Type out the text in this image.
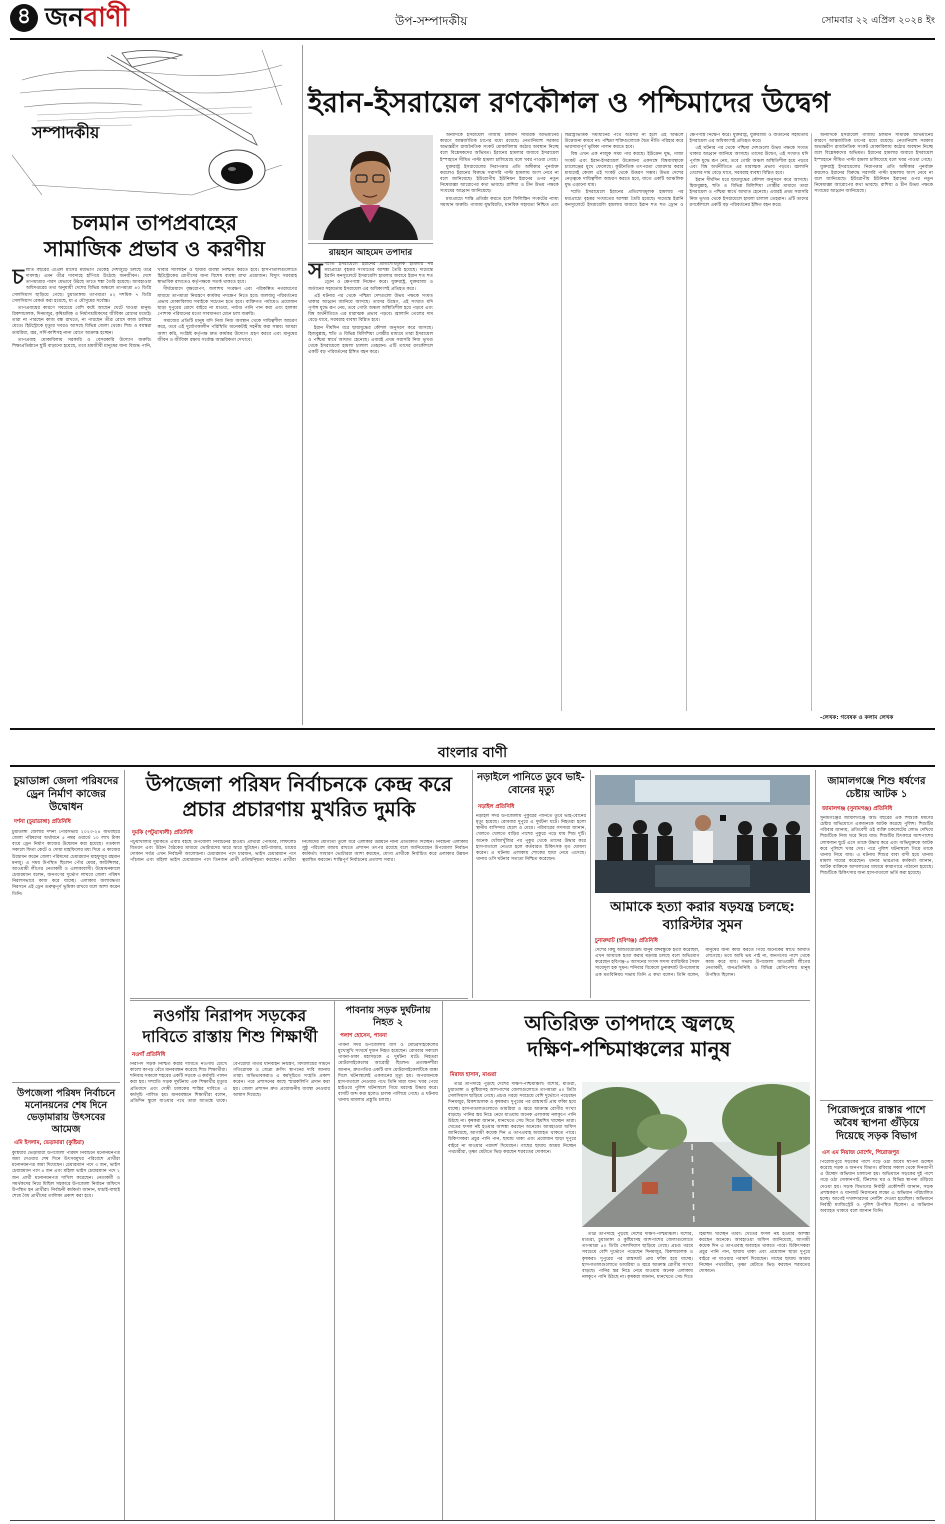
৪ জনবাণী	উপ-সম্পাদকীয়	সোমবার ২২ এপ্রিল ২০২৪ ইং
সম্পাদকীয়
চলমান তাপপ্রবাহের
সামাজিক প্রভাব ও করণীয়

চলতি বছরের এপ্রিল মাসের মধ্যভাগ থেকেই দেশজুড়ে চলছে তীব্র দাবদাহ। এমন তীব্র দাবদাহে হাঁপিয়ে উঠেছে জনজীবন। দেশে তাপমাত্রার পারদ যেভাবে উঠছে তাতে শঙ্কা তৈরি হয়েছে। আবহাওয়া অধিদপ্তরের তথ্য অনুযায়ী দেশের বিভিন্ন অঞ্চলে তাপমাত্রা ৪০ ডিগ্রি সেলসিয়াস ছাড়িয়ে গেছে। চুয়াডাঙ্গায় তাপমাত্রা ৪২ দশমিক ৭ ডিগ্রি সেলসিয়াস রেকর্ড করা হয়েছে, যা এ মৌসুমের সর্বোচ্চ।

তাপপ্রবাহের কারণে সবচেয়ে বেশি কষ্টে আছেন খেটে খাওয়া মানুষ। রিকশাচালক, দিনমজুর, কৃষিশ্রমিক ও নির্মাণশ্রমিকদের জীবিকা রোদের মধ্যেই। তারা না পারছেন কাজ বন্ধ রাখতে, না পারছেন তীব্র রোদে কাজ চালিয়ে যেতে। হিটস্ট্রোকে মৃত্যুর খবরও আসছে বিভিন্ন জেলা থেকে। শিশু ও বয়স্করা ডায়রিয়া, জ্বর, সর্দি-কাশিসহ নানা রোগে আক্রান্ত হচ্ছেন।

তাপপ্রবাহ মোকাবিলায় সরকারি ও বেসরকারি উদ্যোগ জরুরি। শিক্ষাপ্রতিষ্ঠানে ছুটি বাড়ানো হয়েছে, তবে শ্রমজীবী মানুষের জন্য বিশুদ্ধ পানি, খাবার স্যালাইন ও ছায়ার ব্যবস্থা নিশ্চিত করতে হবে। হাসপাতালগুলোতে হিটস্ট্রোকের রোগীদের জন্য বিশেষ ব্যবস্থা রাখা প্রয়োজন। বিদ্যুৎ সরবরাহ স্বাভাবিক রাখতেও কর্তৃপক্ষকে সতর্ক থাকতে হবে।

দীর্ঘমেয়াদে বৃক্ষরোপণ, জলাশয় সংরক্ষণ এবং পরিকল্পিত নগরায়ণের মাধ্যমে তাপমাত্রা নিয়ন্ত্রণে কার্যকর পদক্ষেপ নিতে হবে। জলবায়ু পরিবর্তনের প্রভাব মোকাবিলায় সবাইকে সচেতন হতে হবে। ব্যক্তিগত পর্যায়েও প্রয়োজন ছাড়া দুপুরের রোদে বাইরে না যাওয়া, পর্যাপ্ত পানি পান করা এবং হালকা পোশাক পরিধানের মতো সাবধানতা মেনে চলা জরুরি।

সমাজের প্রতিটি মানুষ যদি নিজ নিজ অবস্থান থেকে দায়িত্বশীল আচরণ করে, তবে এই দুর্যোগকালীন পরিস্থিতি অনেকটাই সহনীয় করা সম্ভব। আমরা আশা করি, সংশ্লিষ্ট কর্তৃপক্ষ দ্রুত কার্যকর উদ্যোগ গ্রহণ করবে এবং মানুষের জীবন ও জীবিকা রক্ষায় সর্বোচ্চ আন্তরিকতা দেখাবে।

ইরান-ইসরায়েল রণকৌশল ও পশ্চিমাদের উদ্বেগ
রায়হান আহমেদ তপাদার

সম্প্রতি ইসরায়েলে ইরানের প্রতিশোধমূলক হামলার পর মধ্যপ্রাচ্যে বৃহত্তর সংঘাতের আশঙ্কা তৈরি হয়েছে। দামেস্কে ইরানি কনস্যুলেটে ইসরায়েলি হামলার জবাবে ইরান শত শত ড্রোন ও ক্ষেপণাস্ত্র নিক্ষেপ করে। যুক্তরাষ্ট্র, যুক্তরাজ্য ও জর্ডানের সহায়তায় ইসরায়েল এর অধিকাংশই প্রতিহত করে।

এই ঘটনার পর থেকে পশ্চিমা দেশগুলো উভয় পক্ষকে সংযত থাকার আহ্বান জানিয়ে আসছে। তাদের উদ্বেগ, এই সংঘাত যদি পূর্ণাঙ্গ যুদ্ধে রূপ নেয়, তবে গোটা অঞ্চল অস্থিতিশীল হয়ে পড়বে এবং বিশ্ব অর্থনীতিতে এর মারাত্মক প্রভাব পড়বে। জ্বালানি তেলের দাম বেড়ে যাবে, সরবরাহ ব্যবস্থা বিঘ্নিত হবে।

ইরান দীর্ঘদিন ধরে ছায়াযুদ্ধের কৌশল অনুসরণ করে আসছে। হিজবুল্লাহ, হুতি ও বিভিন্ন মিলিশিয়া গোষ্ঠীর মাধ্যমে তারা ইসরায়েল ও পশ্চিমা স্বার্থে আঘাত হেনেছে। এবারই প্রথম সরাসরি নিজ ভূখণ্ড থেকে ইসরায়েলে হামলা চালাল তেহরান। এটি তাদের রণকৌশলে একটি বড় পরিবর্তনের ইঙ্গিত বহন করে।

অন্যদিকে ইসরায়েল গাজায় চলমান সামরিক অভিযানের কারণে আন্তর্জাতিক চাপের মধ্যে রয়েছে। নেতানিয়াহু সরকার অভ্যন্তরীণ রাজনৈতিক সংকট মোকাবিলায় কঠোর অবস্থান নিচ্ছে বলে বিশ্লেষকদের অভিমত। ইরানের হামলার জবাবে ইসরায়েল ইস্পাহানে সীমিত পাল্টা হামলা চালিয়েছে বলে খবর পাওয়া গেছে।

যুক্তরাষ্ট্র ইসরায়েলের নিরাপত্তার প্রতি অঙ্গীকার পুনর্ব্যক্ত করলেও ইরানের বিরুদ্ধে সরাসরি পাল্টা হামলায় অংশ নেবে না বলে জানিয়েছে। ইউরোপীয় ইউনিয়ন ইরানের ওপর নতুন নিষেধাজ্ঞা আরোপের কথা ভাবছে। রাশিয়া ও চীন উভয় পক্ষকে সংযমের আহ্বান জানিয়েছে।

মধ্যপ্রাচ্যে শান্তি প্রতিষ্ঠা করতে হলে ফিলিস্তিন সংকটের ন্যায্য সমাধান জরুরি। গাজায় যুদ্ধবিরতি, মানবিক সহায়তা নিশ্চিত এবং দ্বিরাষ্ট্রভিত্তিক সমাধানের পথে অগ্রসর না হলে এই অঞ্চলে উত্তেজনা কমবে না। পশ্চিমা শক্তিগুলোকে দ্বৈত নীতি পরিহার করে ভারসাম্যপূর্ণ ভূমিকা পালন করতে হবে।

বিশ্ব এখন এক নাজুক সময় পার করছে। ইউক্রেন যুদ্ধ, গাজা সংকট এবং ইরান-ইসরায়েল উত্তেজনা একসঙ্গে বিশ্বব্যবস্থাকে চ্যালেঞ্জের মুখে ফেলেছে। কূটনৈতিক তৎপরতা জোরদার করার মাধ্যমেই কেবল এই সংকট থেকে উত্তরণ সম্ভব। উভয় দেশের নেতৃত্বকে দায়িত্বশীল আচরণ করতে হবে, যাতে একটি আঞ্চলিক যুদ্ধ এড়ানো যায়।

ম্প্রতি ইসরায়েলে ইরানের প্রতিশোধমূলক হামলার পর মধ্যপ্রাচ্যে বৃহত্তর সংঘাতের আশঙ্কা তৈরি হয়েছে। দামেস্কে ইরানি কনস্যুলেটে ইসরায়েলি হামলার জবাবে ইরান শত শত ড্রোন ও ক্ষেপণাস্ত্র নিক্ষেপ করে। যুক্তরাষ্ট্র, যুক্তরাজ্য ও জর্ডানের সহায়তায় ইসরায়েল এর অধিকাংশই প্রতিহত করে।

এই ঘটনার পর থেকে পশ্চিমা দেশগুলো উভয় পক্ষকে সংযত থাকার আহ্বান জানিয়ে আসছে। তাদের উদ্বেগ, এই সংঘাত যদি পূর্ণাঙ্গ যুদ্ধে রূপ নেয়, তবে গোটা অঞ্চল অস্থিতিশীল হয়ে পড়বে এবং বিশ্ব অর্থনীতিতে এর মারাত্মক প্রভাব পড়বে। জ্বালানি তেলের দাম বেড়ে যাবে, সরবরাহ ব্যবস্থা বিঘ্নিত হবে।

ইরান দীর্ঘদিন ধরে ছায়াযুদ্ধের কৌশল অনুসরণ করে আসছে। হিজবুল্লাহ, হুতি ও বিভিন্ন মিলিশিয়া গোষ্ঠীর মাধ্যমে তারা ইসরায়েল ও পশ্চিমা স্বার্থে আঘাত হেনেছে। এবারই প্রথম সরাসরি নিজ ভূখণ্ড থেকে ইসরায়েলে হামলা চালাল তেহরান। এটি তাদের রণকৌশলে একটি বড় পরিবর্তনের ইঙ্গিত বহন করে।

অন্যদিকে ইসরায়েল গাজায় চলমান সামরিক অভিযানের কারণে আন্তর্জাতিক চাপের মধ্যে রয়েছে। নেতানিয়াহু সরকার অভ্যন্তরীণ রাজনৈতিক সংকট মোকাবিলায় কঠোর অবস্থান নিচ্ছে বলে বিশ্লেষকদের অভিমত। ইরানের হামলার জবাবে ইসরায়েল ইস্পাহানে সীমিত পাল্টা হামলা চালিয়েছে বলে খবর পাওয়া গেছে।

যুক্তরাষ্ট্র ইসরায়েলের নিরাপত্তার প্রতি অঙ্গীকার পুনর্ব্যক্ত করলেও ইরানের বিরুদ্ধে সরাসরি পাল্টা হামলায় অংশ নেবে না বলে জানিয়েছে। ইউরোপীয় ইউনিয়ন ইরানের ওপর নতুন নিষেধাজ্ঞা আরোপের কথা ভাবছে। রাশিয়া ও চীন উভয় পক্ষকে সংযমের আহ্বান জানিয়েছে।

-লেখক: গবেষক ও কলাম লেখক
বাংলার বাণী
চুয়াডাঙ্গা জেলা পরিষদের ড্রেন নির্মাণ কাজের উদ্বোধন
দর্শনা (চুয়াডাঙ্গা) প্রতিনিধি
চুয়াডাঙ্গা জেলার দর্শনা পৌরসভার ২০২৩-২৪ অর্থবছরে জেলা পরিষদের অর্থায়নে ৫ নম্বর ওয়ার্ডে ১০ লাখ টাকা ব্যয়ে ড্রেন নির্মাণ কাজের উদ্বোধন করা হয়েছে। গতকাল সকালে ফিতা কেটে ও দোয়া মাহফিলের মধ্য দিয়ে এ কাজের উদ্বোধন করেন জেলা পরিষদের চেয়ারম্যান মাহফুজুর রহমান মনজু। এ সময় উপস্থিত ছিলেন পৌর মেয়র, কাউন্সিলর, আওয়ামী লীগের নেতাকর্মী ও এলাকাবাসী। উদ্বোধনকালে চেয়ারম্যান বলেন, জনগণের দুর্ভোগ লাঘবে জেলা পরিষদ নিরলসভাবে কাজ করে যাচ্ছে। এলাকার জলাবদ্ধতা নিরসনে এই ড্রেন গুরুত্বপূর্ণ ভূমিকা রাখবে বলে আশা করেন তিনি।
উপজেলা পরিষদ নির্বাচনে মনোনয়নের শেষ দিনে ভেড়ামারায় উৎসবের আমেজ
এমি ইসলাম, ভেড়ামারা (কুষ্টিয়া)
কুষ্টিয়ার ভেড়ামারা উপজেলা পরিষদ নির্বাচনে মনোনয়নপত্র জমা দেওয়ার শেষ দিনে উৎসবমুখর পরিবেশে প্রার্থীরা মনোনয়নপত্র জমা দিয়েছেন। চেয়ারম্যান পদে ৩ জন, ভাইস চেয়ারম্যান পদে ৪ জন এবং মহিলা ভাইস চেয়ারম্যান পদে ২ জন প্রার্থী মনোনয়নপত্র দাখিল করেছেন। নেতাকর্মী ও সমর্থকদের নিয়ে মিছিল সহকারে উপজেলা নির্বাচন অফিসে উপস্থিত হন প্রার্থীরা। নির্বাচনী কর্মকর্তা জানান, যাচাই-বাছাই শেষে বৈধ প্রার্থীদের তালিকা প্রকাশ করা হবে।
উপজেলা পরিষদ নির্বাচনকে কেন্দ্র করে প্রচার প্রচারণায় মুখরিত দুমকি
দুমকি (পটুয়াখালী) প্রতিনিধি
পটুয়াখালীর দুমকিতে এবার বইছে উপজেলা নির্বাচনের হাওয়া। প্রার্থীরা পোস্টার, লিফলেট বিতরণ এবং উঠান বৈঠকের মাধ্যমে ভোটারদের দ্বারে দ্বারে ছুটছেন। হাট-বাজার, চায়ের দোকান সর্বত্র এখন নির্বাচনী আলোচনা। চেয়ারম্যান পদে চারজন, ভাইস চেয়ারম্যান পদে পাঁচজন এবং মহিলা ভাইস চেয়ারম্যান পদে তিনজন প্রার্থী প্রতিদ্বন্দ্বিতা করছেন। প্রার্থীরা নিজেদের যোগ্যতা তুলে ধরে এলাকার উন্নয়নে নানা প্রতিশ্রুতি দিচ্ছেন। নির্বাচনী এলাকায় সুষ্ঠু পরিবেশ বজায় রাখতে প্রশাসন তৎপর রয়েছে বলে জানিয়েছেন উপজেলা নির্বাচন কর্মকর্তা। সাধারণ ভোটাররা আশা করছেন, যোগ্য প্রার্থীকে নির্বাচিত করে এলাকার উন্নয়ন ত্বরান্বিত করবেন। শান্তিপূর্ণ নির্বাচনের প্রত্যাশা সবার।
নড়াইলে পানিতে ডুবে ভাই-বোনের মৃত্যু
নড়াইল প্রতিনিধি
নড়াইল সদর উপজেলায় পুকুরের পানিতে ডুবে ভাই-বোনের মৃত্যু হয়েছে। রোববার দুপুরে এ দুর্ঘটনা ঘটে। নিহতরা হলো স্থানীয় বাসিন্দার ছেলে ও মেয়ে। পরিবারের সদস্যরা জানান, খেলতে খেলতে বাড়ির পাশের পুকুরে পড়ে যায় শিশু দুটি। অনেক খোঁজাখুঁজির পর পুকুর থেকে তাদের উদ্ধার করে হাসপাতালে নেওয়া হলে কর্তব্যরত চিকিৎসক মৃত ঘোষণা করেন। এ ঘটনায় এলাকায় শোকের ছায়া নেমে এসেছে। থানার ওসি ঘটনার সত্যতা নিশ্চিত করেছেন।
আমাকে হত্যা করার ষড়যন্ত্র চলছে: ব্যারিস্টার সুমন
চুনারুঘাট (হবিগঞ্জ) প্রতিনিধি
দেশের কিছু আন্ডারগ্রাউন্ড মানুষ বঙ্গবন্ধুকে হত্যা করেছিল, এখন আমাকে হত্যা করার ষড়যন্ত্র চলছে বলে অভিযোগ করেছেন হবিগঞ্জ-৪ আসনের সংসদ সদস্য ব্যারিস্টার সৈয়দ সায়েদুল হক সুমন। শনিবার বিকেলে চুনারুঘাট উপজেলায় এক মতবিনিময় সভায় তিনি এ কথা বলেন। তিনি বলেন, মানুষের জন্য কাজ করতে গিয়ে অনেকের স্বার্থে আঘাত লেগেছে। তবে আমি ভয় পাই না, জনগণের পাশে থেকে কাজ করে যাব। সভায় উপজেলা আওয়ামী লীগের নেতাকর্মী, জনপ্রতিনিধি ও বিভিন্ন শ্রেণিপেশার মানুষ উপস্থিত ছিলেন।
জামালগঞ্জে শিশু ধর্ষণের চেষ্টায় আটক ১
জামালগঞ্জ (সুনামগঞ্জ) প্রতিনিধি
সুনামগঞ্জের জামালগঞ্জে আট বছরের এক শিশুকে ধর্ষণের চেষ্টার অভিযোগে একজনকে আটক করেছে পুলিশ। শিশুটির পরিবার জানায়, প্রতিবেশী ওই ব্যক্তি চকলেটের লোভ দেখিয়ে শিশুটিকে নিজ ঘরে নিয়ে যায়। শিশুটির চিৎকারে আশপাশের লোকজন ছুটে এসে তাকে উদ্ধার করে এবং অভিযুক্তকে আটক করে পুলিশে খবর দেয়। পরে পুলিশ ঘটনাস্থলে গিয়ে তাকে থানায় নিয়ে যায়। এ ঘটনায় শিশুর বাবা বাদী হয়ে থানায় মামলা দায়ের করেছেন। থানার ভারপ্রাপ্ত কর্মকর্তা জানান, আটক ব্যক্তিকে আদালতের মাধ্যমে কারাগারে পাঠানো হয়েছে। শিশুটিকে চিকিৎসার জন্য হাসপাতালে ভর্তি করা হয়েছে।
পিরোজপুরে রাস্তার পাশে অবৈধ স্থাপনা গুঁড়িয়ে দিয়েছে সড়ক বিভাগ
এস এম নিয়াজ মোর্শেদ, পিরোজপুর
পিরোজপুরে সড়কের পাশে গড়ে ওঠা অবৈধ স্থাপনা উচ্ছেদ করেছে সড়ক ও জনপথ বিভাগ। রবিবার সকাল থেকে দিনব্যাপী এ উচ্ছেদ অভিযান চালানো হয়। অভিযানে সড়কের দুই পাশে গড়ে ওঠা দোকানপাট, টিনশেড ঘর ও বিভিন্ন স্থাপনা গুঁড়িয়ে দেওয়া হয়। সড়ক বিভাগের নির্বাহী প্রকৌশলী জানান, সড়ক প্রশস্তকরণ ও যানজট নিরসনের লক্ষ্যে এ অভিযান পরিচালিত হচ্ছে। আগেই দখলদারদের নোটিশ দেওয়া হয়েছিল। অভিযানে নির্বাহী ম্যাজিস্ট্রেট ও পুলিশ উপস্থিত ছিলেন। এ অভিযান অব্যাহত থাকবে বলে জানান তিনি।
নওগাঁয় নিরাপদ সড়কের দাবিতে রাস্তায় শিশু শিক্ষার্থী
নওগাঁ প্রতিনিধি
নিরাপদ সড়ক নিশ্চিত করার দাবিতে নওগাঁয় চোখে কালো কাপড় বেঁধে মানববন্ধন করেছে শিশু শিক্ষার্থীরা। শনিবার সকালে শহরের একটি সড়কে এ কর্মসূচি পালন করা হয়। সম্প্রতি সড়ক দুর্ঘটনায় এক শিক্ষার্থীর মৃত্যুর প্রতিবাদে এবং দোষী চালকের শাস্তির দাবিতে এ কর্মসূচি পালিত হয়। মানববন্ধনে শিক্ষার্থীরা বলেন, প্রতিদিন স্কুলে যাওয়ার পথে তারা আতঙ্কে থাকে। বেপরোয়া গতির যানবাহন নিয়ন্ত্রণ, বিদ্যালয়ের সামনে গতিরোধক ও জেব্রা ক্রসিং স্থাপনের দাবি জানায় তারা। অভিভাবকরাও এ কর্মসূচিতে সংহতি প্রকাশ করেন। পরে প্রশাসনের কাছে স্মারকলিপি প্রদান করা হয়। জেলা প্রশাসন দ্রুত প্রয়োজনীয় ব্যবস্থা নেওয়ার আশ্বাস দিয়েছে।
পাবনায় সড়ক দুর্ঘটনায় নিহত ২
পলাশ হোসেন, পাবনা
পাবনা সদর উপজেলায় বাস ও মোটরসাইকেলের মুখোমুখি সংঘর্ষে দুজন নিহত হয়েছেন। রোববার সকালে পাবনা-ঢাকা মহাসড়কে এ দুর্ঘটনা ঘটে। নিহতরা মোটরসাইকেলের আরোহী ছিলেন। প্রত্যক্ষদর্শীরা জানান, দ্রুতগতির একটি বাস মোটরসাইকেলটিকে ধাক্কা দিলে ঘটনাস্থলেই একজনের মৃত্যু হয়। অপরজনকে হাসপাতালে নেওয়ার পথে তিনি মারা যান। খবর পেয়ে হাইওয়ে পুলিশ ঘটনাস্থলে গিয়ে মরদেহ উদ্ধার করে। বাসটি জব্দ করা হলেও চালক পালিয়ে গেছে। এ ঘটনায় থানায় মামলার প্রস্তুতি চলছে।
অতিরিক্ত তাপদাহে জ্বলছে
দক্ষিণ-পশ্চিমাঞ্চলের মানুষ
মিরাজ হাসান, মাগুরা

তীব্র তাপদাহে পুড়ছে দেশের দক্ষিণ-পশ্চিমাঞ্চল। যশোর, মাগুরা, চুয়াডাঙ্গা ও কুষ্টিয়াসহ আশপাশের জেলাগুলোতে তাপমাত্রা ৪০ ডিগ্রি সেলসিয়াস ছাড়িয়ে গেছে। প্রচণ্ড গরমে সবচেয়ে বেশি দুর্ভোগে পড়েছেন দিনমজুর, রিকশাচালক ও কৃষকরা। দুপুরের পর রাস্তাঘাট প্রায় ফাঁকা হয়ে যাচ্ছে। হাসপাতালগুলোতে ডায়রিয়া ও জ্বরে আক্রান্ত রোগীর সংখ্যা বাড়ছে। পানির স্তর নিচে নেমে যাওয়ায় অনেক এলাকায় নলকূপে পানি উঠছে না। কৃষকরা জানান, ধানখেতে সেচ দিতে হিমশিম খাচ্ছেন তারা। খেতের ফসল নষ্ট হওয়ার আশঙ্কা করছেন অনেকে। আবহাওয়া অফিস জানিয়েছে, আগামী কয়েক দিন এ তাপপ্রবাহ অব্যাহত থাকতে পারে। চিকিৎসকরা প্রচুর পানি পান, ছায়ায় থাকা এবং প্রয়োজন ছাড়া দুপুরে বাইরে না যাওয়ার পরামর্শ দিয়েছেন। গাছের ছায়ায় আশ্রয় নিচ্ছেন পথচারীরা, তৃষ্ণা মেটাতে ভিড় করছেন শরবতের দোকানে।

তীব্র তাপদাহে পুড়ছে দেশের দক্ষিণ-পশ্চিমাঞ্চল। যশোর, মাগুরা, চুয়াডাঙ্গা ও কুষ্টিয়াসহ আশপাশের জেলাগুলোতে তাপমাত্রা ৪০ ডিগ্রি সেলসিয়াস ছাড়িয়ে গেছে। প্রচণ্ড গরমে সবচেয়ে বেশি দুর্ভোগে পড়েছেন দিনমজুর, রিকশাচালক ও কৃষকরা। দুপুরের পর রাস্তাঘাট প্রায় ফাঁকা হয়ে যাচ্ছে। হাসপাতালগুলোতে ডায়রিয়া ও জ্বরে আক্রান্ত রোগীর সংখ্যা বাড়ছে। পানির স্তর নিচে নেমে যাওয়ায় অনেক এলাকায় নলকূপে পানি উঠছে না। কৃষকরা জানান, ধানখেতে সেচ দিতে হিমশিম খাচ্ছেন তারা। খেতের ফসল নষ্ট হওয়ার আশঙ্কা করছেন অনেকে। আবহাওয়া অফিস জানিয়েছে, আগামী কয়েক দিন এ তাপপ্রবাহ অব্যাহত থাকতে পারে। চিকিৎসকরা প্রচুর পানি পান, ছায়ায় থাকা এবং প্রয়োজন ছাড়া দুপুরে বাইরে না যাওয়ার পরামর্শ দিয়েছেন। গাছের ছায়ায় আশ্রয় নিচ্ছেন পথচারীরা, তৃষ্ণা মেটাতে ভিড় করছেন শরবতের দোকানে।
